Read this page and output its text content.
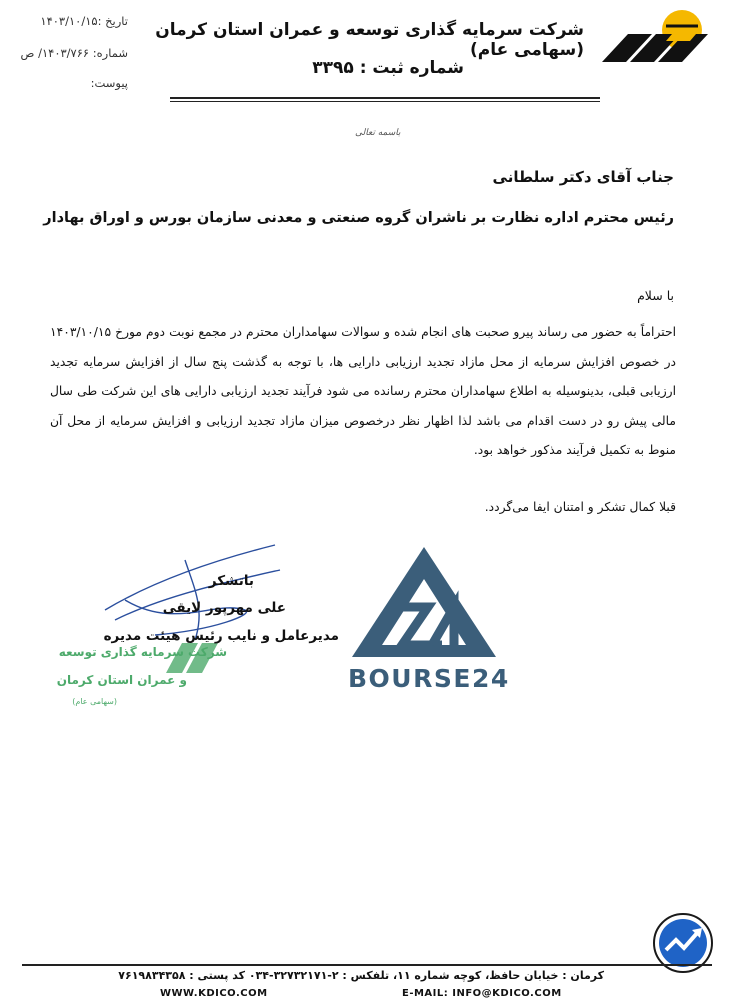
شرکت سرمایه گذاری توسعه و عمران استان کرمان (سهامی عام)
شماره ثبت : ۳۳۹۵
تاریخ :۱۴۰۳/۱۰/۱۵
شماره: ۱۴۰۳/۷۶۶/ ص
پیوست:
باسمه تعالی
جناب آقای دکتر سلطانی
رئیس محترم اداره نظارت بر ناشران گروه صنعتی و معدنی سازمان بورس و اوراق بهادار
با سلام
احتراماً به حضور می رساند پیرو صحبت های انجام شده و سوالات سهامداران محترم در مجمع نوبت دوم مورخ ۱۴۰۳/۱۰/۱۵ در خصوص افزایش سرمایه از محل مازاد تجدید ارزیابی دارایی ها، با توجه به گذشت پنج سال از افزایش سرمایه تجدید ارزیابی قبلی، بدینوسیله به اطلاع سهامداران محترم رسانده می شود فرآیند تجدید ارزیابی دارایی های این شرکت طی سال مالی پیش رو در دست اقدام می باشد لذا اظهار نظر درخصوص میزان مازاد تجدید ارزیابی و افزایش سرمایه از محل آن منوط به تکمیل فرآیند مذکور خواهد بود.
قبلا کمال تشکر و امتنان ایفا می‌گردد.
BOURSE24
شرکت سرمایه گذاری توسعه
و عمران استان کرمان
(سهامی عام)
باتشکر
علی مهرپور لایقی
مدیرعامل و نایب رئیس هیئت مدیره
کرمان : خیابان حافظ، کوچه شماره ۱۱، تلفکس : ۲-۳۲۷۳۲۱۷۱-۰۳۴ کد پستی : ۷۶۱۹۸۳۴۳۵۸
WWW.KDICO.COM	E-MAIL: INFO@KDICO.COM
